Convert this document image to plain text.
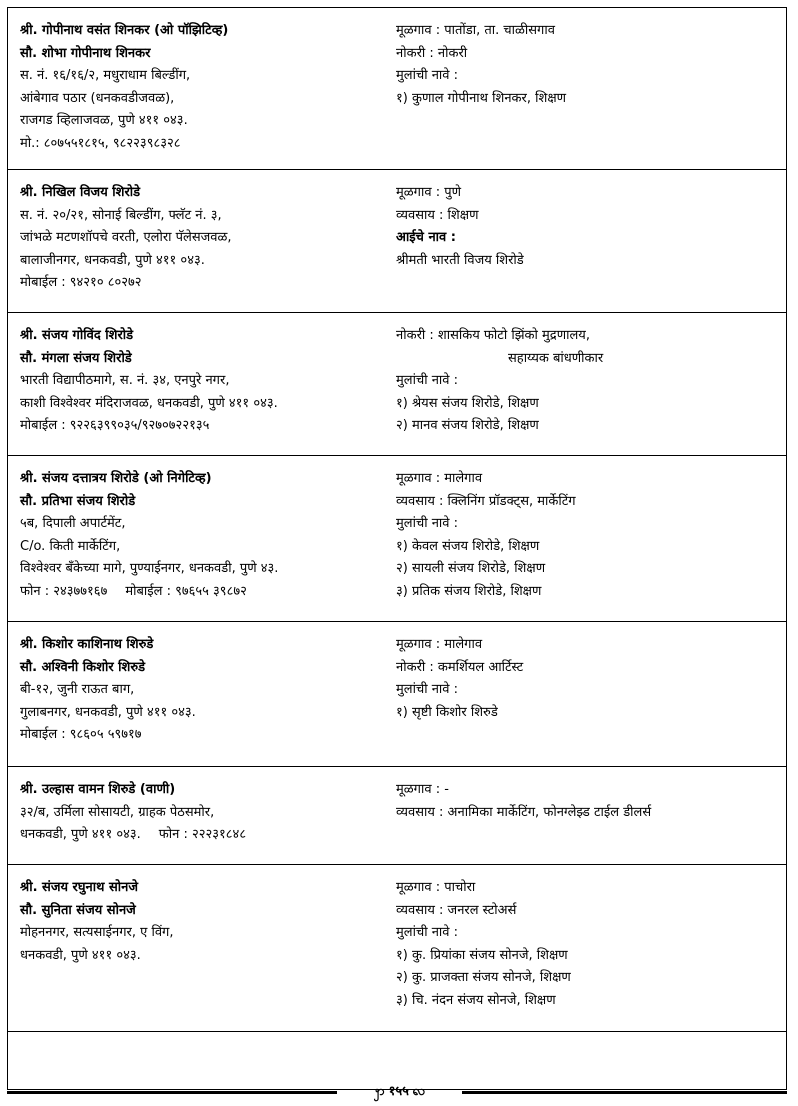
श्री. गोपीनाथ वसंत शिनकर (ओ पॉझिटिव्ह)
सौ. शोभा गोपीनाथ शिनकर
स. नं. १६/१६/२, मधुराधाम बिल्डींग,
आंबेगाव पठार (धनकवडीजवळ),
राजगड व्हिलाजवळ, पुणे ४११ ०४३.
मो.: ८०७५५१८१५, ९८२२३९८३२८
मूळगाव : पातोंडा, ता. चाळीसगाव
नोकरी : नोकरी
मुलांची नावे :
१) कुणाल गोपीनाथ शिनकर, शिक्षण
श्री. निखिल विजय शिरोडे
स. नं. २०/२१, सोनाई बिल्डींग, फ्लॅट नं. ३,
जांभळे मटणशॉपचे वरती, एलोरा पॅलेसजवळ,
बालाजीनगर, धनकवडी, पुणे ४११ ०४३.
मोबाईल : ९४२१० ८०२७२
मूळगाव : पुणे
व्यवसाय : शिक्षण
आईचे नाव :
श्रीमती भारती विजय शिरोडे
श्री. संजय गोविंद शिरोडे
सौ. मंगला संजय शिरोडे
भारती विद्यापीठमागे, स. नं. ३४, एनपुरे नगर,
काशी विश्वेश्वर मंदिराजवळ, धनकवडी, पुणे ४११ ०४३.
मोबाईल : ९२२६३९९०३५/९२७०७२२१३५
नोकरी : शासकिय फोटो झिंको मुद्रणालय,
सहाय्यक बांधणीकार
मुलांची नावे :
१) श्रेयस संजय शिरोडे, शिक्षण
२) मानव संजय शिरोडे, शिक्षण
श्री. संजय दत्तात्रय शिरोडे (ओ निगेटिव्ह)
सौ. प्रतिभा संजय शिरोडे
५ब, दिपाली अपार्टमेंट,
C/o. किती मार्केटिंग,
विश्वेश्वर बँकेच्या मागे, पुण्याईनगर, धनकवडी, पुणे ४३.
फोन : २४३७७१६७ मोबाईल : ९७६५५ ३९८७२
मूळगाव : मालेगाव
व्यवसाय : क्लिनिंग प्रॉडक्ट्स, मार्केटिंग
मुलांची नावे :
१) केवल संजय शिरोडे, शिक्षण
२) सायली संजय शिरोडे, शिक्षण
३) प्रतिक संजय शिरोडे, शिक्षण
श्री. किशोर काशिनाथ शिरुडे
सौ. अश्विनी किशोर शिरुडे
बी-१२, जुनी राऊत बाग,
गुलाबनगर, धनकवडी, पुणे ४११ ०४३.
मोबाईल : ९८६०५ ५९७१७
मूळगाव : मालेगाव
नोकरी : कमर्शियल आर्टिस्ट
मुलांची नावे :
१) सृष्टी किशोर शिरुडे
श्री. उल्हास वामन शिरुडे (वाणी)
३२/ब, उर्मिला सोसायटी, ग्राहक पेठसमोर,
धनकवडी, पुणे ४११ ०४३. फोन : २२२३१८४८
मूळगाव : -
व्यवसाय : अनामिका मार्केटिंग, फोनग्लेझ्ड टाईल डीलर्स
श्री. संजय रघुनाथ सोनजे
सौ. सुनिता संजय सोनजे
मोहननगर, सत्यसाईनगर, ए विंग,
धनकवडी, पुणे ४११ ०४३.
मूळगाव : पाचोरा
व्यवसाय : जनरल स्टोअर्स
मुलांची नावे :
१) कु. प्रियांका संजय सोनजे, शिक्षण
२) कु. प्राजक्ता संजय सोनजे, शिक्षण
३) चि. नंदन संजय सोनजे, शिक्षण
ꩭ १५५ ꩮ
